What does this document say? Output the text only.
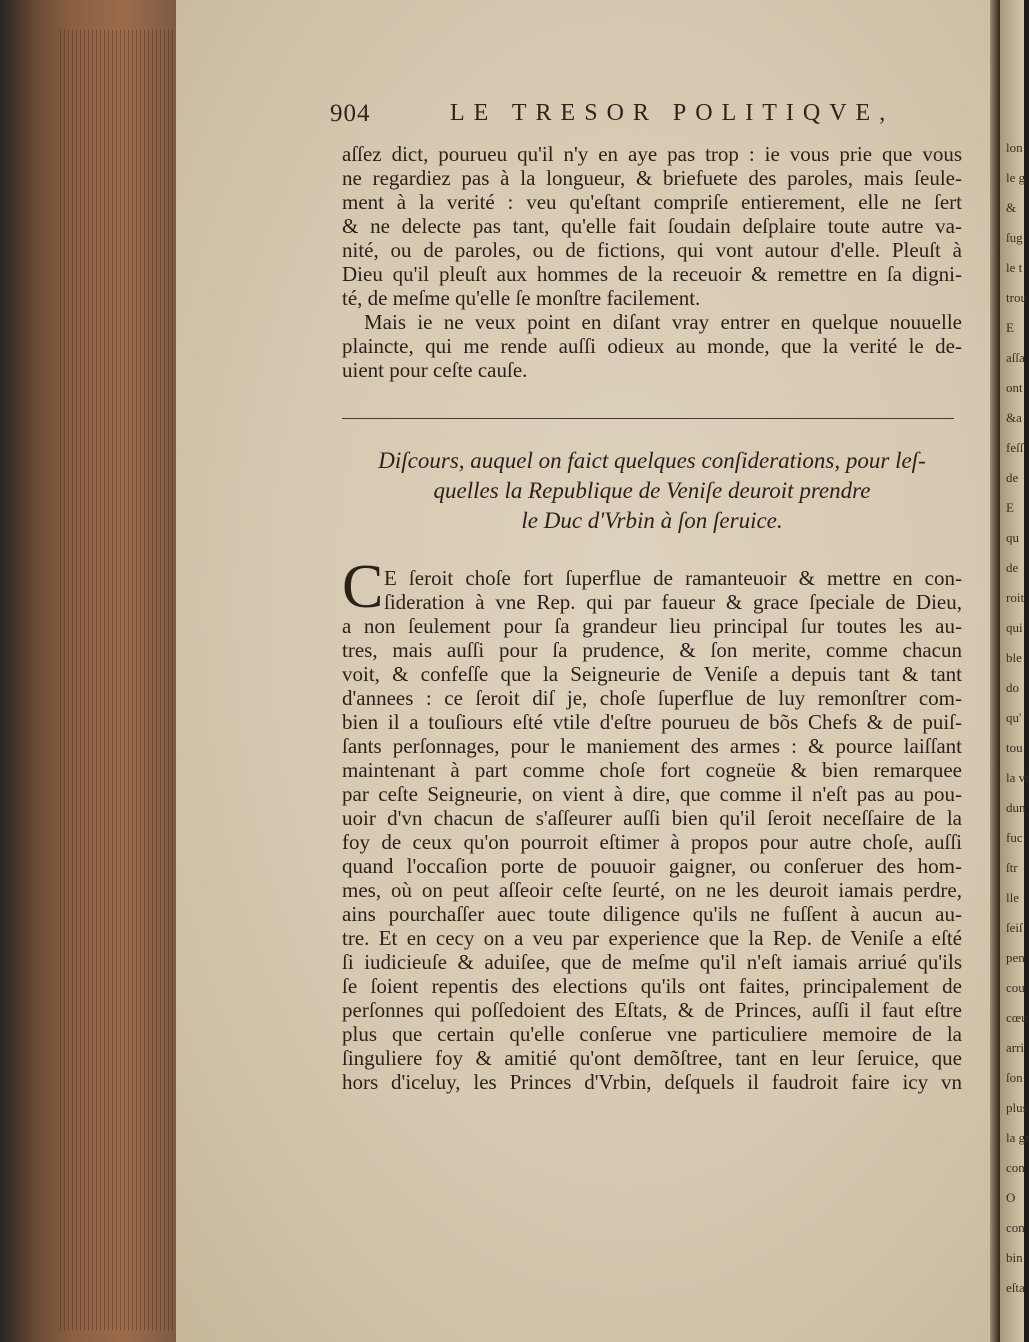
lon
le g
&
ſug
le t
trou
E
aſſa
ont
&a
feſſ
de
E
qu
de
roit
qui
ble
do
qu'
tou
la vi
dun
fuc
ſtr
lle
ſeiſ
pen
cou
cœu
arri
ſon
plus
la gr
con
O
con
bin
eſta
904	LE TRESOR POLITIQVE,
aſſez dict, pourueu qu'il n'y en aye pas trop : ie vous prie que vous
ne regardiez pas à la longueur, & briefuete des paroles, mais ſeule-
ment à la verité : veu qu'eſtant compriſe entierement, elle ne ſert
& ne delecte pas tant, qu'elle fait ſoudain deſplaire toute autre va-
nité, ou de paroles, ou de fictions, qui vont autour d'elle. Pleuſt à
Dieu qu'il pleuſt aux hommes de la receuoir & remettre en ſa digni-
té, de meſme qu'elle ſe monſtre facilement.
Mais ie ne veux point en diſant vray entrer en quelque nouuelle
plaincte, qui me rende auſſi odieux au monde, que la verité le de-
uient pour ceſte cauſe.
Diſcours, auquel on faict quelques conſiderations, pour leſ-
quelles la Republique de Veniſe deuroit prendre
le Duc d'Vrbin à ſon ſeruice.
C E ſeroit choſe fort ſuperflue de ramanteuoir & mettre en con-
ſideration à vne Rep. qui par faueur & grace ſpeciale de Dieu,
a non ſeulement pour ſa grandeur lieu principal ſur toutes les au-
tres, mais auſſi pour ſa prudence, & ſon merite, comme chacun
voit, & confeſſe que la Seigneurie de Veniſe a depuis tant & tant
d'annees : ce ſeroit diſ je, choſe ſuperflue de luy remonſtrer com-
bien il a touſiours eſté vtile d'eſtre pourueu de bõs Chefs & de puiſ-
ſants perſonnages, pour le maniement des armes : & pource laiſſant
maintenant à part comme choſe fort cogneüe & bien remarquee
par ceſte Seigneurie, on vient à dire, que comme il n'eſt pas au pou-
uoir d'vn chacun de s'aſſeurer auſſi bien qu'il ſeroit neceſſaire de la
foy de ceux qu'on pourroit eſtimer à propos pour autre choſe, auſſi
quand l'occaſion porte de pouuoir gaigner, ou conſeruer des hom-
mes, où on peut aſſeoir ceſte ſeurté, on ne les deuroit iamais perdre,
ains pourchaſſer auec toute diligence qu'ils ne fuſſent à aucun au-
tre. Et en cecy on a veu par experience que la Rep. de Veniſe a eſté
ſi iudicieuſe & aduiſee, que de meſme qu'il n'eſt iamais arriué qu'ils
ſe ſoient repentis des elections qu'ils ont faites, principalement de
perſonnes qui poſſedoient des Eſtats, & de Princes, auſſi il faut eſtre
plus que certain qu'elle conſerue vne particuliere memoire de la
ſinguliere foy & amitié qu'ont demõſtree, tant en leur ſeruice, que
hors d'iceluy, les Princes d'Vrbin, deſquels il faudroit faire icy vn
